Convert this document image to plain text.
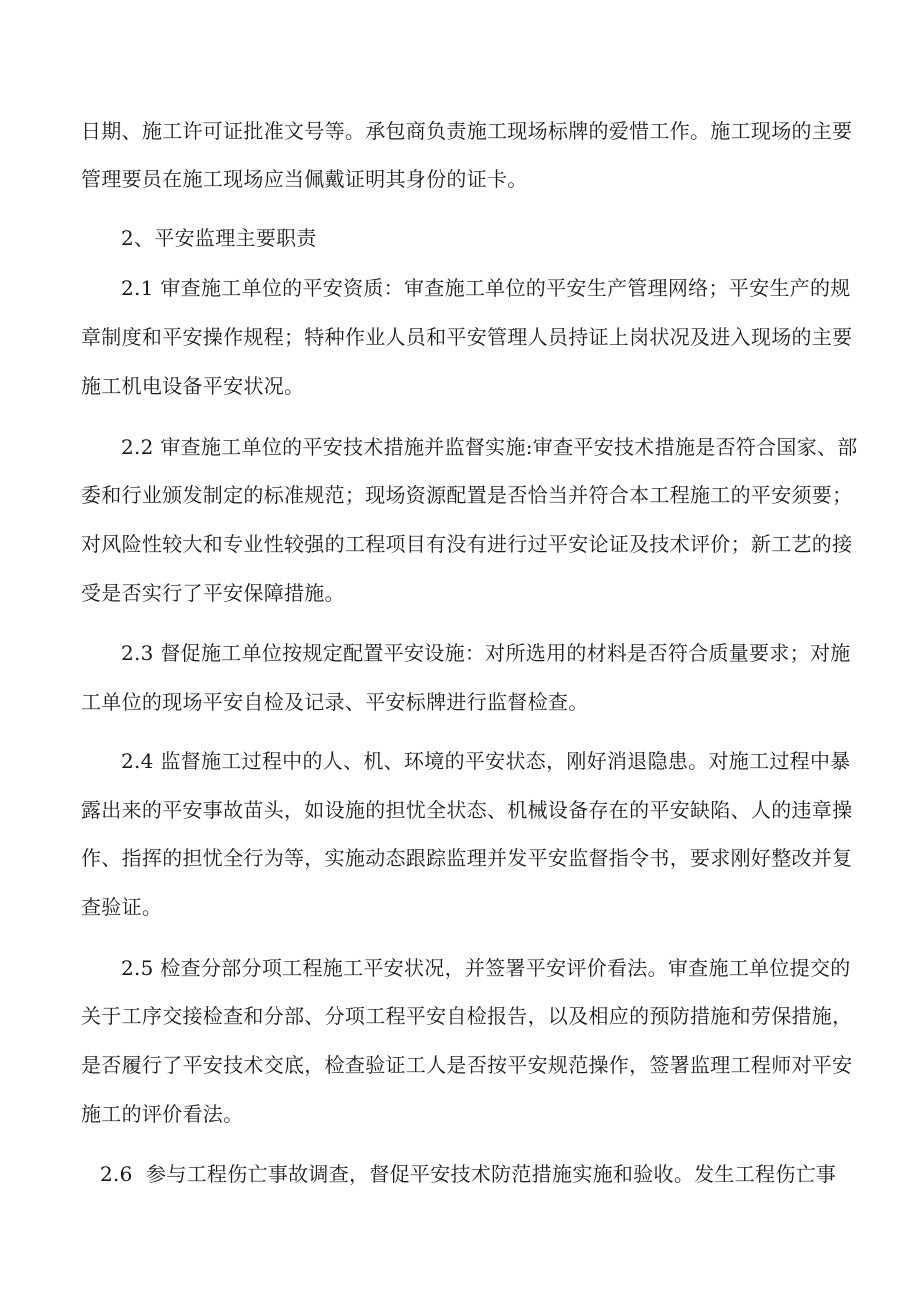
日期、施工许可证批准文号等。承包商负责施工现场标牌的爱惜工作。施工现场的主要
管理要员在施工现场应当佩戴证明其身份的证卡。
2、平安监理主要职责
2.1 审查施工单位的平安资质：审查施工单位的平安生产管理网络；平安生产的规
章制度和平安操作规程；特种作业人员和平安管理人员持证上岗状况及进入现场的主要
施工机电设备平安状况。
2.2 审查施工单位的平安技术措施并监督实施:审查平安技术措施是否符合国家、部
委和行业颁发制定的标准规范；现场资源配置是否恰当并符合本工程施工的平安须要；
对风险性较大和专业性较强的工程项目有没有进行过平安论证及技术评价；新工艺的接
受是否实行了平安保障措施。
2.3 督促施工单位按规定配置平安设施：对所选用的材料是否符合质量要求；对施
工单位的现场平安自检及记录、平安标牌进行监督检查。
2.4 监督施工过程中的人、机、环境的平安状态，刚好消退隐患。对施工过程中暴
露出来的平安事故苗头，如设施的担忧全状态、机械设备存在的平安缺陷、人的违章操
作、指挥的担忧全行为等，实施动态跟踪监理并发平安监督指令书，要求刚好整改并复
查验证。
2.5 检查分部分项工程施工平安状况，并签署平安评价看法。审查施工单位提交的
关于工序交接检查和分部、分项工程平安自检报告，以及相应的预防措施和劳保措施，
是否履行了平安技术交底，检查验证工人是否按平安规范操作，签署监理工程师对平安
施工的评价看法。
2.6  参与工程伤亡事故调查，督促平安技术防范措施实施和验收。发生工程伤亡事
